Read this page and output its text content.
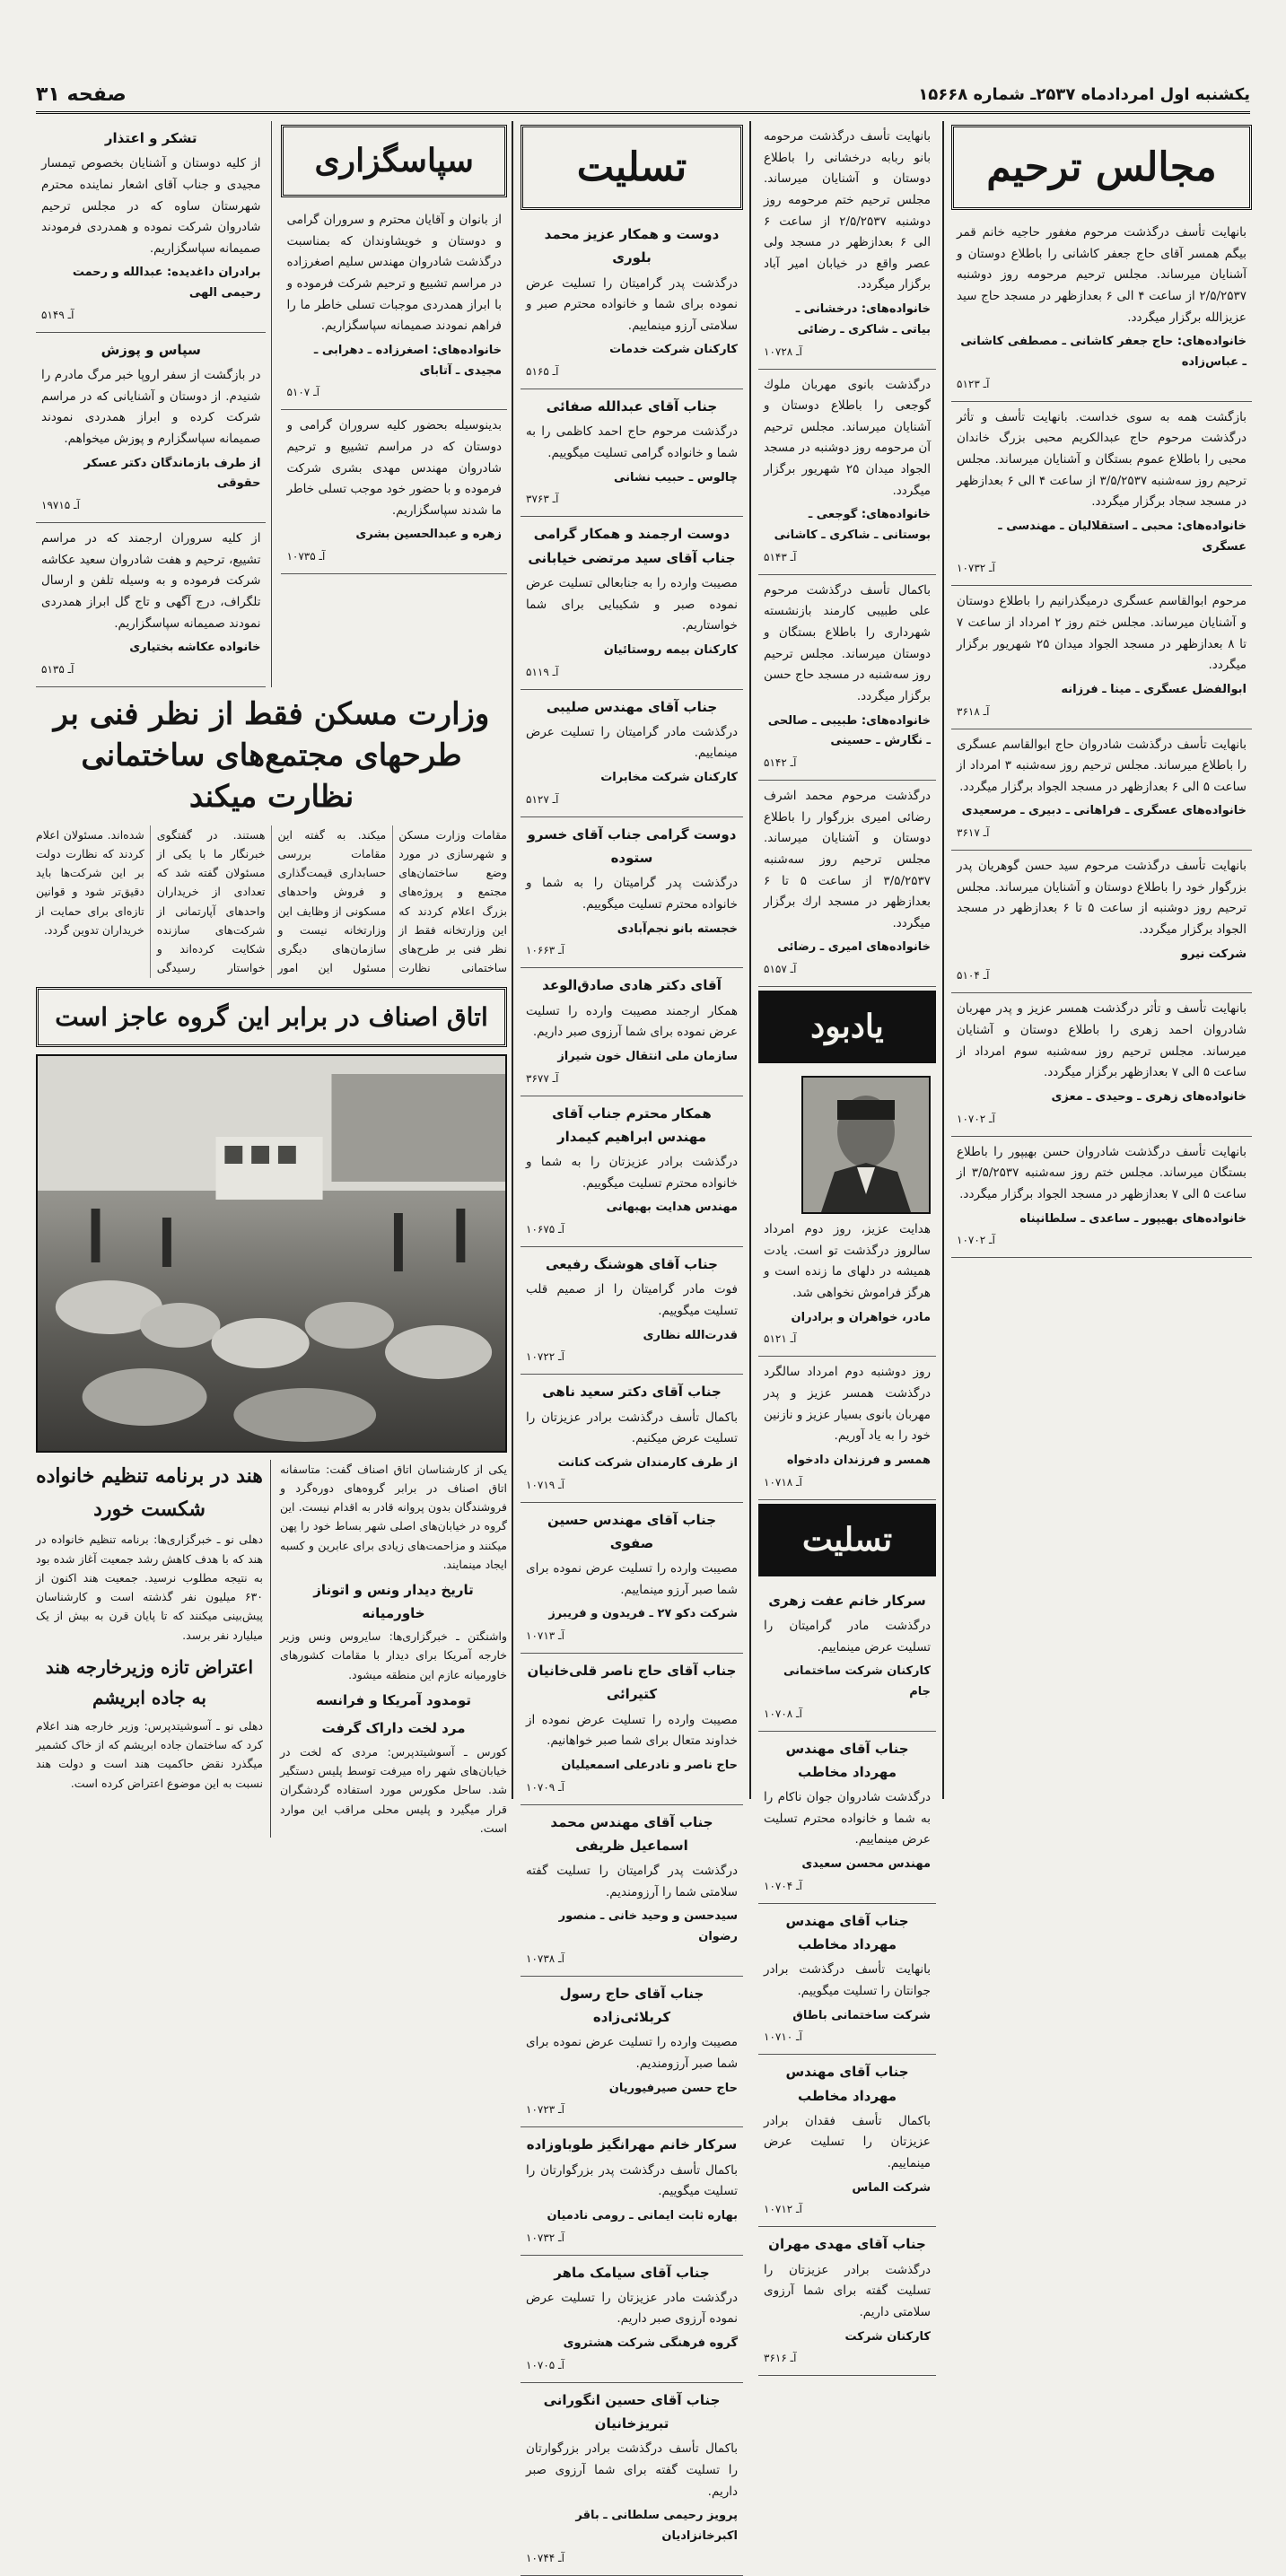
یکشنبه اول امردادماه ۲۵۳۷ـ شماره ۱۵۶۶۸
صفحه ۳۱
مجالس ترحیم

بانهایت تأسف درگذشت مرحوم مغفور حاجیه خانم قمر بیگم همسر آقای حاج جعفر کاشانی را باطلاع دوستان و آشنایان میرساند. مجلس ترحیم مرحومه روز دوشنبه ۲/۵/۲۵۳۷ از ساعت ۴ الی ۶ بعدازظهر در مسجد حاج سید عزیزالله برگزار میگردد.

خانواده‌های: حاج جعفر کاشانی ـ مصطفی کاشانی ـ عباس‌زاده
آـ ۵۱۲۳

بازگشت همه به سوی خداست. بانهایت تأسف و تأثر درگذشت مرحوم حاج عبدالکریم محبی بزرگ خاندان محبی را باطلاع عموم بستگان و آشنایان میرساند. مجلس ترحیم روز سه‌شنبه ۳/۵/۲۵۳۷ از ساعت ۴ الی ۶ بعدازظهر در مسجد سجاد برگزار میگردد.

خانواده‌های: محبی ـ استقلالیان ـ مهندسی ـ عسگری
آـ ۱۰۷۳۲

مرحوم ابوالقاسم عسگری درمیگذرانیم را باطلاع دوستان و آشنایان میرساند. مجلس ختم روز ۲ امرداد از ساعت ۷ تا ۸ بعدازظهر در مسجد الجواد میدان ۲۵ شهریور برگزار میگردد.

ابوالفضل عسگری ـ مینا ـ فرزانه
آـ ۳۶۱۸

بانهایت تأسف درگذشت شادروان حاج ابوالقاسم عسگری را باطلاع میرساند. مجلس ترحیم روز سه‌شنبه ۳ امرداد از ساعت ۵ الی ۶ بعدازظهر در مسجد الجواد برگزار میگردد.

خانواده‌های عسگری ـ فراهانی ـ دبیری ـ مرسعیدی
آـ ۳۶۱۷

بانهایت تأسف درگذشت مرحوم سید حسن گوهریان پدر بزرگوار خود را باطلاع دوستان و آشنایان میرساند. مجلس ترحیم روز دوشنبه از ساعت ۵ تا ۶ بعدازظهر در مسجد الجواد برگزار میگردد.

شرکت نیرو
آـ ۵۱۰۴

بانهایت تأسف و تأثر درگذشت همسر عزیز و پدر مهربان شادروان احمد زهری را باطلاع دوستان و آشنایان میرساند. مجلس ترحیم روز سه‌شنبه سوم امرداد از ساعت ۵ الی ۷ بعدازظهر برگزار میگردد.

خانواده‌های زهری ـ وحیدی ـ معزی
آـ ۱۰۷۰۲

بانهایت تأسف درگذشت شادروان حسن بهیپور را باطلاع بستگان میرساند. مجلس ختم روز سه‌شنبه ۳/۵/۲۵۳۷ از ساعت ۵ الی ۷ بعدازظهر در مسجد الجواد برگزار میگردد.

خانواده‌های بهیپور ـ ساعدی ـ سلطانپناه
آـ ۱۰۷۰۲

بانهایت تأسف درگذشت مرحومه بانو ربابه درخشانی را باطلاع دوستان و آشنایان میرساند. مجلس ترحیم ختم مرحومه روز دوشنبه ۲/۵/۲۵۳۷ از ساعت ۶ الی ۶ بعدازظهر در مسجد ولی عصر واقع در خیابان امیر آباد برگزار میگردد.

خانواده‌های: درخشانی ـ بیاتی ـ شاکری ـ رضائی
آـ ۱۰۷۲۸

درگذشت بانوی مهربان ملوك گوجعی را باطلاع دوستان و آشنایان میرساند. مجلس ترحیم آن مرحومه روز دوشنبه در مسجد الجواد میدان ۲۵ شهریور برگزار میگردد.

خانواده‌های: گوجعی ـ بوستانی ـ شاکری ـ کاشانی
آـ ۵۱۴۳

باکمال تأسف درگذشت مرحوم علی طبیبی کارمند بازنشسته شهرداری را باطلاع بستگان و دوستان میرساند. مجلس ترحیم روز سه‌شنبه در مسجد حاج حسن برگزار میگردد.

خانواده‌های: طبیبی ـ صالحی ـ نگارش ـ حسینی
آـ ۵۱۴۲

درگذشت مرحوم محمد اشرف رضائی امیری بزرگوار را باطلاع دوستان و آشنایان میرساند. مجلس ترحیم روز سه‌شنبه ۳/۵/۲۵۳۷ از ساعت ۵ تا ۶ بعدازظهر در مسجد ارك برگزار میگردد.

خانواده‌های امیری ـ رضائی
آـ ۵۱۵۷
یادبود

هدایت عزیز، روز دوم امرداد سالروز درگذشت تو است. یادت همیشه در دلهای ما زنده است و هرگز فراموش نخواهی شد.

مادر، خواهران و برادران
آـ ۵۱۲۱

روز دوشنبه دوم امرداد سالگرد درگذشت همسر عزیز و پدر مهربان بانوی بسیار عزیز و نازنین خود را به یاد آوریم.

همسر و فرزندان دادخواه
آـ ۱۰۷۱۸
تسلیت
سرکار خانم عفت زهری

درگذشت مادر گرامیتان را تسلیت عرض مینماییم.

کارکنان شرکت ساختمانی جام
آـ ۱۰۷۰۸
جناب آقای مهندس مهرداد مخاطب

درگذشت شادروان جوان ناکام را به شما و خانواده محترم تسلیت عرض مینماییم.

مهندس محسن سعیدی
آـ ۱۰۷۰۴
جناب آقای مهندس مهرداد مخاطب

بانهایت تأسف درگذشت برادر جوانتان را تسلیت میگوییم.

شرکت ساختمانی باطاق
آـ ۱۰۷۱۰
جناب آقای مهندس مهرداد مخاطب

باکمال تأسف فقدان برادر عزیزتان را تسلیت عرض مینماییم.

شرکت الماس
آـ ۱۰۷۱۲
جناب آقای مهدی مهران

درگذشت برادر عزیزتان را تسلیت گفته برای شما آرزوی سلامتی داریم.

کارکنان شرکت
آـ ۳۶۱۶
تسلیت
دوست و همکار عزیز محمد بلوری

درگذشت پدر گرامیتان را تسلیت عرض نموده برای شما و خانواده محترم صبر و سلامتی آرزو مینماییم.

کارکنان شرکت خدمات
آـ ۵۱۶۵
جناب آقای عبدالله صفائی

درگذشت مرحوم حاج احمد کاظمی را به شما و خانواده گرامی تسلیت میگوییم.

چالوس ـ حبیب نشانی
آـ ۳۷۶۳
دوست ارجمند و همکار گرامی جناب آقای سید مرتضی خیابانی

مصیبت وارده را به جنابعالی تسلیت عرض نموده صبر و شکیبایی برای شما خواستاریم.

کارکنان بیمه روستائیان
آـ ۵۱۱۹
جناب آقای مهندس صلیبی

درگذشت مادر گرامیتان را تسلیت عرض مینماییم.

کارکنان شرکت مخابرات
آـ ۵۱۲۷
دوست گرامی جناب آقای خسرو ستوده

درگذشت پدر گرامیتان را به شما و خانواده محترم تسلیت میگوییم.

خجسته بانو نجم‌آبادی
آـ ۱۰۶۶۳
آقای دکتر هادی صادق‌الوعد

همکار ارجمند مصیبت وارده را تسلیت عرض نموده برای شما آرزوی صبر داریم.

سازمان ملی انتقال خون شیراز
آـ ۳۶۷۷
همکار محترم جناب آقای مهندس ابراهیم کیمدار

درگذشت برادر عزیزتان را به شما و خانواده محترم تسلیت میگوییم.

مهندس هدایت بهبهانی
آـ ۱۰۶۷۵
جناب آقای هوشنگ رفیعی

فوت مادر گرامیتان را از صمیم قلب تسلیت میگوییم.

قدرت‌الله نظاری
آـ ۱۰۷۲۲
جناب آقای دکتر سعید ناهی

باکمال تأسف درگذشت برادر عزیزتان را تسلیت عرض میکنیم.

از طرف کارمندان شرکت کنانت
آـ ۱۰۷۱۹
جناب آقای مهندس حسین صفوی

مصیبت وارده را تسلیت عرض نموده برای شما صبر آرزو مینماییم.

شرکت دکو ۲۷ ـ فریدون و فریبرز
آـ ۱۰۷۱۳
جناب آقای حاج ناصر قلی‌خانیان کتیرائی

مصیبت وارده را تسلیت عرض نموده از خداوند متعال برای شما صبر خواهانیم.

حاج ناصر و نادرعلی اسمعیلیان
آـ ۱۰۷۰۹
جناب آقای مهندس محمد اسماعیل ظریفی

درگذشت پدر گرامیتان را تسلیت گفته سلامتی شما را آرزومندیم.

سیدحسن و وحید خانی ـ منصور رضوان
آـ ۱۰۷۳۸
جناب آقای حاج رسول کربلائی‌زاده

مصیبت وارده را تسلیت عرض نموده برای شما صبر آرزومندیم.

حاج حسن صیرفیوریان
آـ ۱۰۷۲۳
سرکار خانم مهرانگیز طوباوزاده

باکمال تأسف درگذشت پدر بزرگوارتان را تسلیت میگوییم.

بهاره ثابت ایمانی ـ رومی نادمیان
آـ ۱۰۷۳۲
جناب آقای سیامک ماهر

درگذشت مادر عزیزتان را تسلیت عرض نموده آرزوی صبر داریم.

گروه فرهنگی شرکت هشتروی
آـ ۱۰۷۰۵
جناب آقای حسین انگورانی تبریزخانیان

باکمال تأسف درگذشت برادر بزرگوارتان را تسلیت گفته برای شما آرزوی صبر داریم.

پرویز رحیمی سلطانی ـ باقر اکبرخانزادیان
آـ ۱۰۷۴۴
سپاسگزاری

از بانوان و آقایان محترم و سروران گرامی و دوستان و خویشاوندان که بمناسبت درگذشت شادروان مهندس سلیم اصغرزاده در مراسم تشییع و ترحیم شرکت فرموده و با ابراز همدردی موجبات تسلی خاطر ما را فراهم نمودند صمیمانه سپاسگزاریم.

خانواده‌های: اصغرزاده ـ دهرابی ـ مجیدی ـ آتابای
آـ ۵۱۰۷

بدینوسیله بحضور کلیه سروران گرامی و دوستان که در مراسم تشییع و ترحیم شادروان مهندس مهدی بشری شرکت فرموده و با حضور خود موجب تسلی خاطر ما شدند سپاسگزاریم.

زهره و عبدالحسین بشری
آـ ۱۰۷۳۵
تشکر و اعتذار

از کلیه دوستان و آشنایان بخصوص تیمسار مجیدی و جناب آقای اشعار نماینده محترم شهرستان ساوه که در مجلس ترحیم شادروان شرکت نموده و همدردی فرمودند صمیمانه سپاسگزاریم.

برادران داغدیده: عبدالله و رحمت رحیمی الهی
آـ ۵۱۴۹
سپاس و پوزش

در بازگشت از سفر اروپا خبر مرگ مادرم را شنیدم. از دوستان و آشنایانی که در مراسم شرکت کرده و ابراز همدردی نمودند صمیمانه سپاسگزارم و پوزش میخواهم.

از طرف بازماندگان دکتر عسکر حقوقی
آـ ۱۹۷۱۵

از کلیه سروران ارجمند که در مراسم تشییع، ترحیم و هفت شادروان سعید عکاشه شرکت فرموده و به وسیله تلفن و ارسال تلگراف، درج آگهی و تاج گل ابراز همدردی نمودند صمیمانه سپاسگزاریم.

خانواده عکاشه بختیاری
آـ ۵۱۳۵
وزارت مسکن فقط از نظر فنی بر طرحهای مجتمع‌های ساختمانی نظارت میکند
مقامات وزارت مسکن و شهرسازی در مورد وضع ساختمان‌های مجتمع و پروژه‌های بزرگ اعلام کردند که این وزارتخانه فقط از نظر فنی بر طرح‌های ساختمانی نظارت میکند. به گفته این مقامات بررسی حسابداری قیمت‌گذاری و فروش واحدهای مسکونی از وظایف این وزارتخانه نیست و سازمان‌های دیگری مسئول این امور هستند. در گفتگوی خبرنگار ما با یکی از مسئولان گفته شد که تعدادی از خریداران واحدهای آپارتمانی از شرکت‌های سازنده شکایت کرده‌اند و خواستار رسیدگی شده‌اند. مسئولان اعلام کردند که نظارت دولت بر این شرکت‌ها باید دقیق‌تر شود و قوانین تازه‌ای برای حمایت از خریداران تدوین گردد.
اتاق اصناف در برابر این گروه عاجز است

یکی از کارشناسان اتاق اصناف گفت: متاسفانه اتاق اصناف در برابر گروه‌های دوره‌گرد و فروشندگان بدون پروانه قادر به اقدام نیست. این گروه در خیابان‌های اصلی شهر بساط خود را پهن میکنند و مزاحمت‌های زیادی برای عابرین و کسبه ایجاد مینمایند.

تاریخ دیدار ونس و اتوناز خاورمیانه

واشنگتن ـ خبرگزاری‌ها: سایروس ونس وزیر خارجه آمریکا برای دیدار با مقامات کشورهای خاورمیانه عازم این منطقه میشود.

تومدود آمریکا و فرانسه
مرد لخت داراک گرفت

کورس ـ آسوشیتدپرس: مردی که لخت در خیابان‌های شهر راه میرفت توسط پلیس دستگیر شد. ساحل مکورس مورد استفاده گردشگران قرار میگیرد و پلیس محلی مراقب این موارد است.

هند در برنامه تنظیم خانواده شکست خورد

دهلی نو ـ خبرگزاری‌ها: برنامه تنظیم خانواده در هند که با هدف کاهش رشد جمعیت آغاز شده بود به نتیجه مطلوب نرسید. جمعیت هند اکنون از ۶۳۰ میلیون نفر گذشته است و کارشناسان پیش‌بینی میکنند که تا پایان قرن به بیش از یک میلیارد نفر برسد.

اعتراض تازه وزیرخارجه هند به جاده ابریشم

دهلی نو ـ آسوشیتدپرس: وزیر خارجه هند اعلام کرد که ساختمان جاده ابریشم که از خاک کشمیر میگذرد نقض حاکمیت هند است و دولت هند نسبت به این موضوع اعتراض کرده است.
